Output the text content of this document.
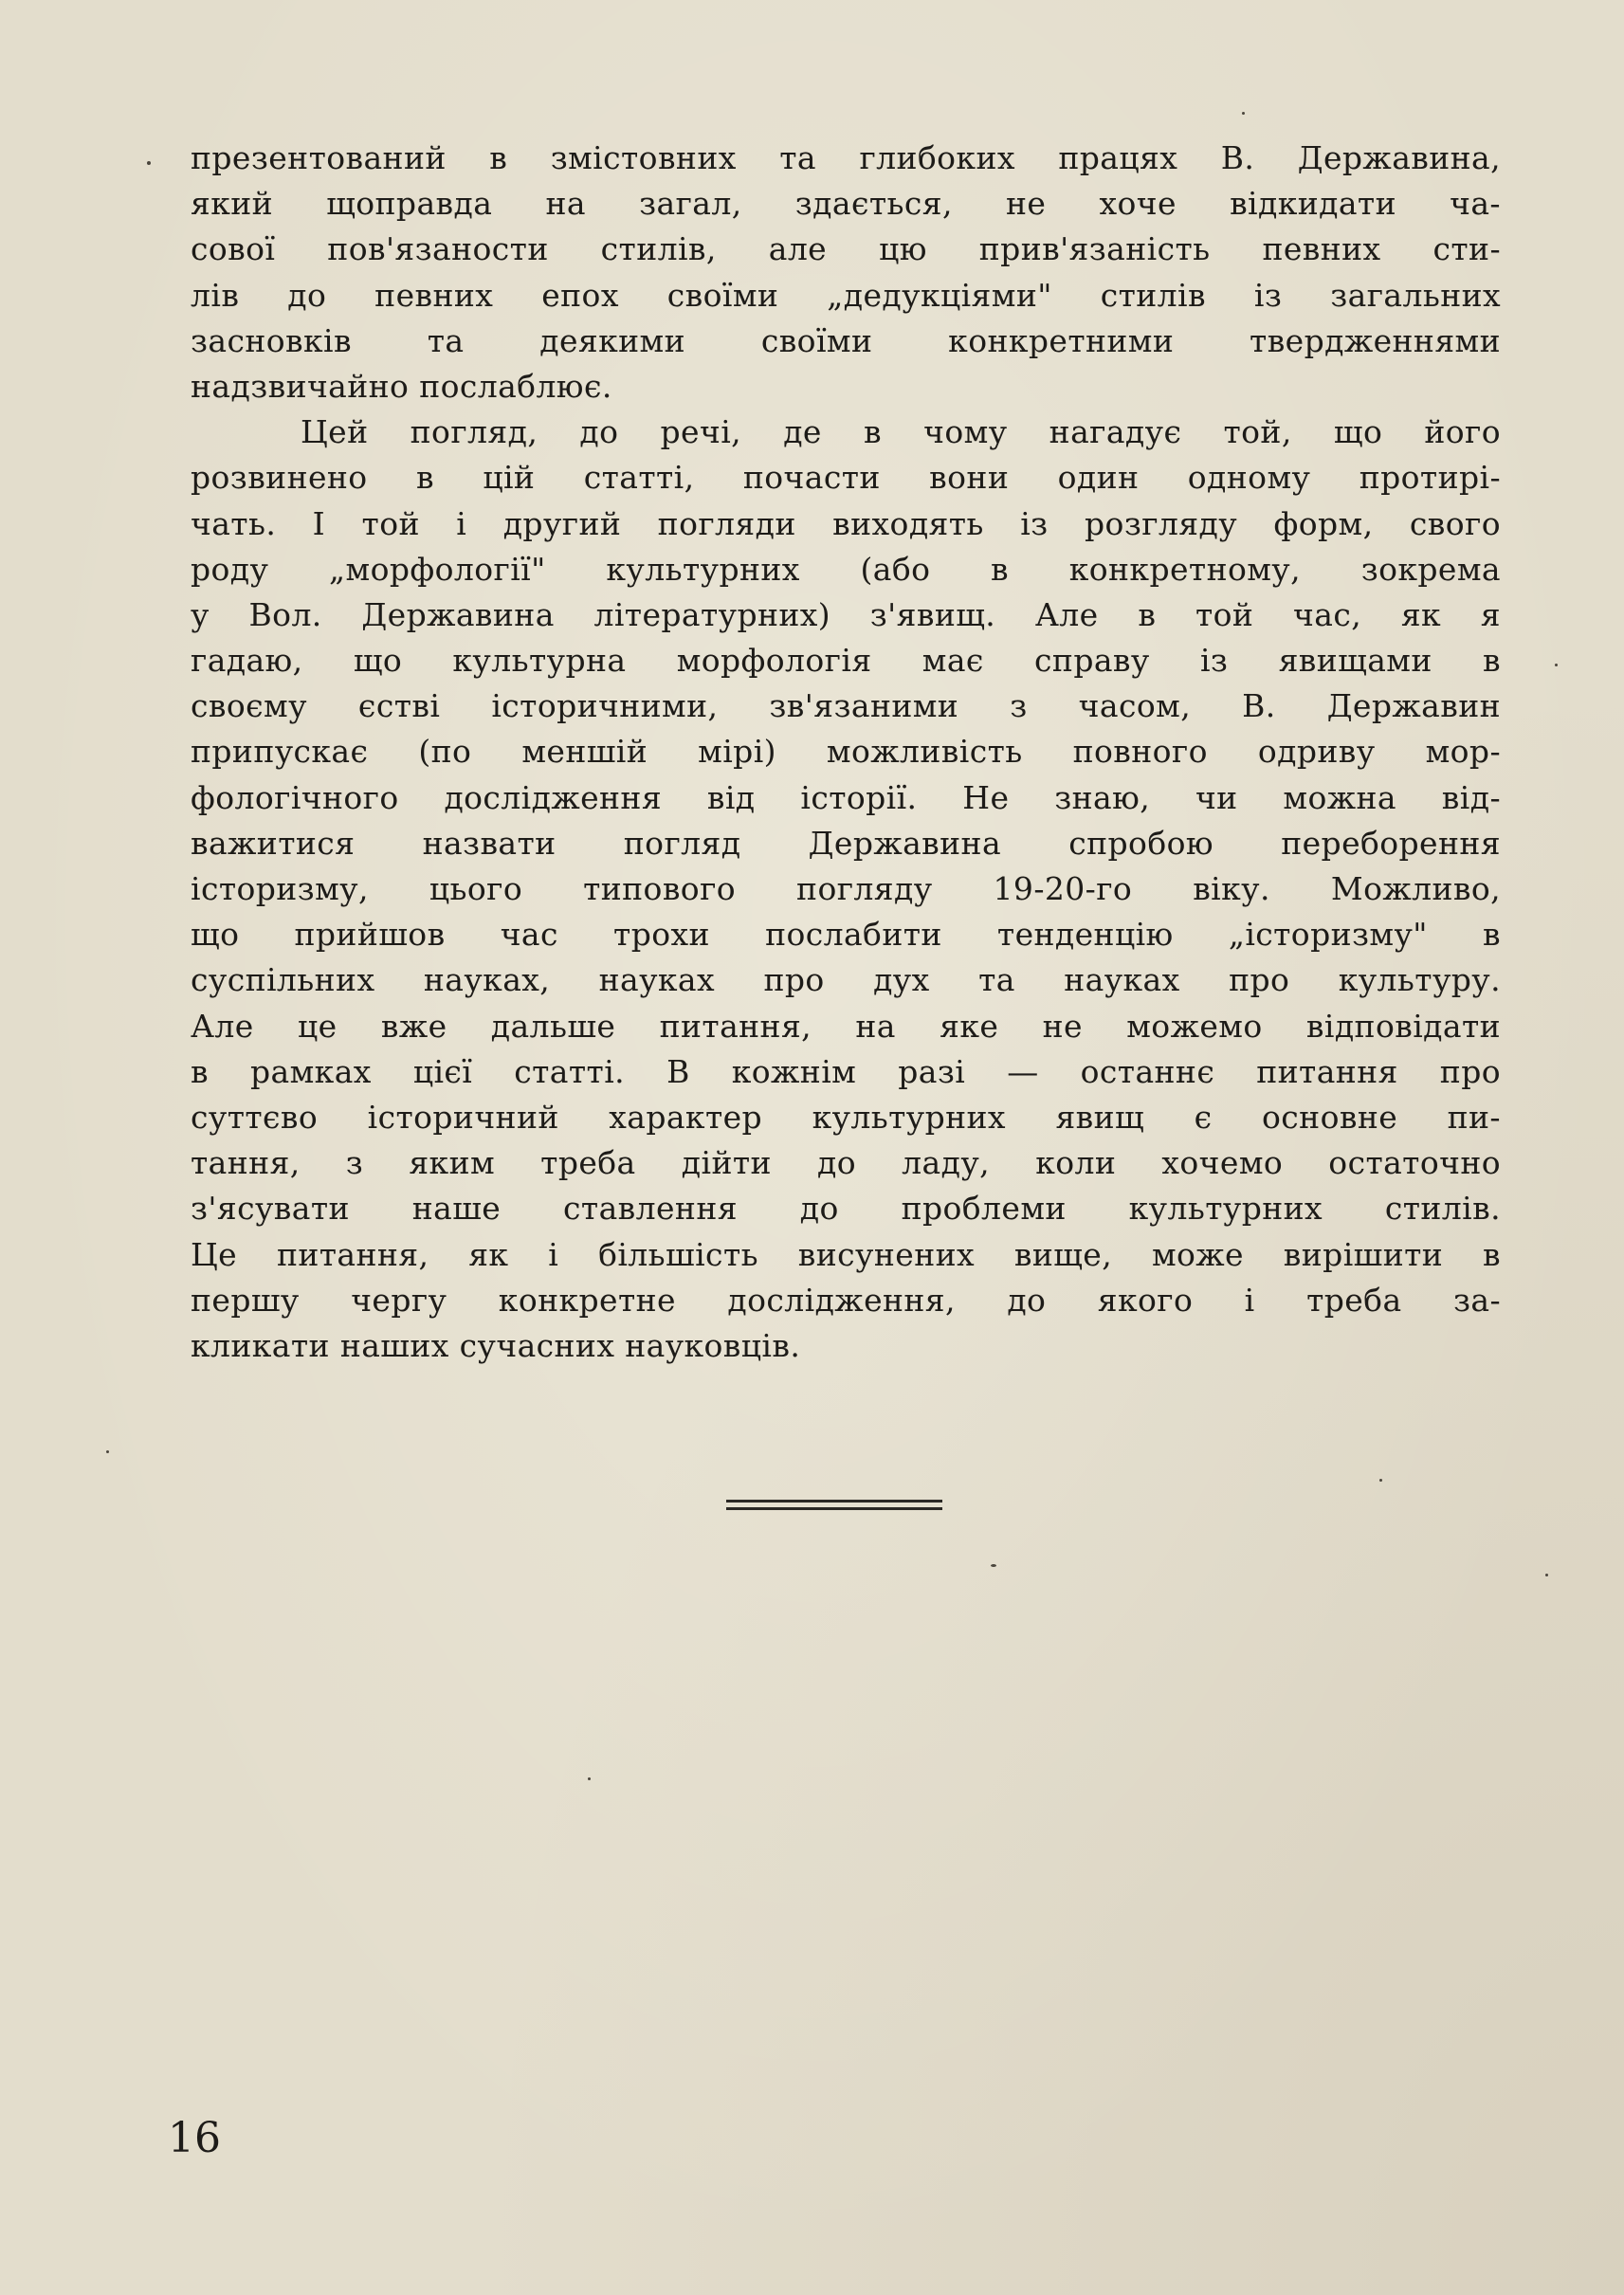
презентований в змістовних та глибоких працях В. Державина,
який щоправда на загал, здається, не хоче відкидати ча-
сової пов'язаности стилів, але цю прив'язаність певних сти-
лів до певних епох своїми „дедукціями" стилів із загальних
засновків та деякими своїми конкретними твердженнями
надзвичайно послаблює.
Цей погляд, до речі, де в чому нагадує той, що його
розвинено в цій статті, почасти вони один одному протирі-
чать. І той і другий погляди виходять із розгляду форм, свого
роду „морфології" культурних (або в конкретному, зокрема
у Вол. Державина літературних) з'явищ. Але в той час, як я
гадаю, що культурна морфологія має справу із явищами в
своєму єстві історичними, зв'язаними з часом, В. Державин
припускає (по меншій мірі) можливість повного одриву мор-
фологічного дослідження від історії. Не знаю, чи можна від-
важитися назвати погляд Державина спробою переборення
історизму, цього типового погляду 19-20-го віку. Можливо,
що прийшов час трохи послабити тенденцію „історизму" в
суспільних науках, науках про дух та науках про культуру.
Але це вже дальше питання, на яке не можемо відповідати
в рамках цієї статті. В кожнім разі — останнє питання про
суттєво історичний характер культурних явищ є основне пи-
тання, з яким треба дійти до ладу, коли хочемо остаточно
з'ясувати наше ставлення до проблеми культурних стилів.
Це питання, як і більшість висунених вище, може вирішити в
першу чергу конкретне дослідження, до якого і треба за-
кликати наших сучасних науковців.
16
